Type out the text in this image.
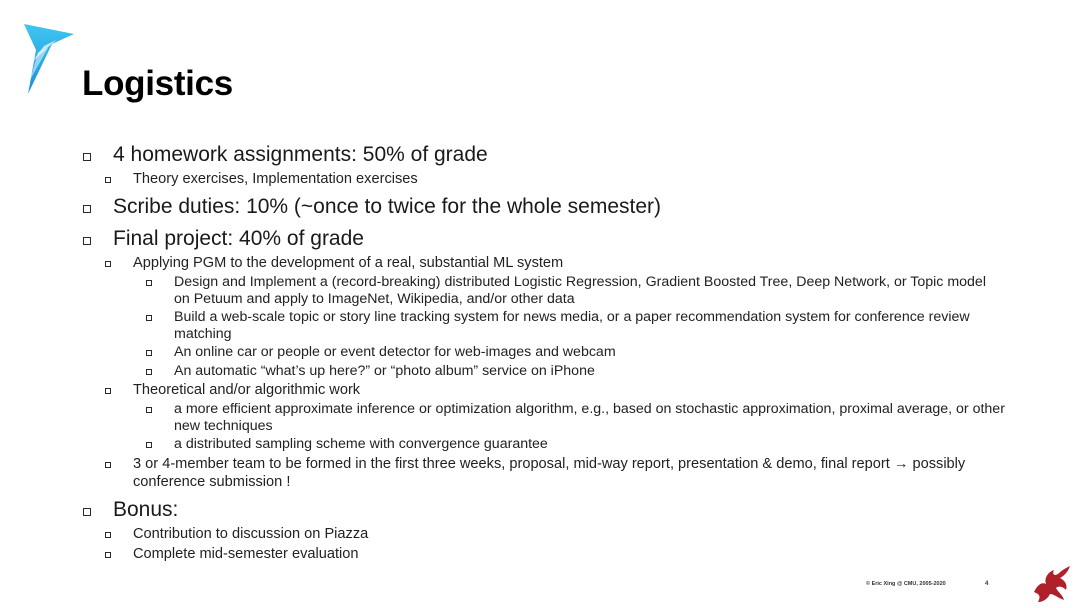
Logistics
4 homework assignments: 50% of grade
Theory exercises, Implementation exercises
Scribe duties: 10% (~once to twice for the whole semester)
Final project: 40% of grade
Applying PGM to the development of a real, substantial ML system
Design and Implement a (record-breaking) distributed Logistic Regression, Gradient Boosted Tree, Deep Network, or Topic model on Petuum and apply to ImageNet, Wikipedia, and/or other data
Build a web-scale topic or story line tracking system for news media, or a paper recommendation system for conference review matching
An online car or people or event detector for web-images and webcam
An automatic “what’s up here?” or “photo album” service on iPhone
Theoretical and/or algorithmic work
a more efficient approximate inference or optimization algorithm, e.g., based on stochastic approximation, proximal average, or other new techniques
a distributed sampling scheme with convergence guarantee
3 or 4-member team to be formed in the first three weeks, proposal, mid-way report, presentation & demo, final report → possibly conference submission !
Bonus:
Contribution to discussion on Piazza
Complete mid-semester evaluation
© Eric Xing @ CMU, 2005-2020	4
